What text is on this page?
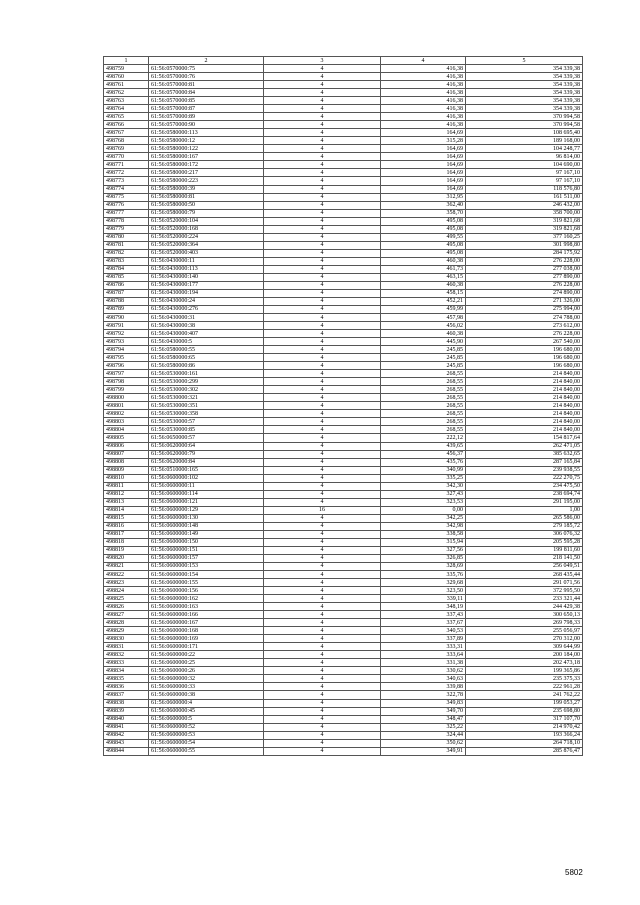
1	2	3	4	5
498759	61:56:0570000:75	4	416,38	354 339,38
498760	61:56:0570000:76	4	416,38	354 339,38
498761	61:56:0570000:81	4	416,38	354 339,38
498762	61:56:0570000:84	4	416,38	354 339,38
498763	61:56:0570000:85	4	416,38	354 339,38
498764	61:56:0570000:87	4	416,38	354 339,38
498765	61:56:0570000:89	4	416,38	370 994,58
498766	61:56:0570000:90	4	416,38	370 994,58
498767	61:56:0580000:113	4	164,69	108 695,40
498768	61:56:0580000:12	4	315,28	189 168,00
498769	61:56:0580000:122	4	164,69	104 248,77
498770	61:56:0580000:167	4	164,69	96 814,00
498771	61:56:0580000:172	4	164,69	104 690,00
498772	61:56:0580000:217	4	164,69	97 167,10
498773	61:56:0580000:223	4	164,69	97 167,10
498774	61:56:0580000:39	4	164,69	118 576,80
498775	61:56:0580000:81	4	312,95	161 511,00
498776	61:56:0580000:50	4	362,40	246 432,00
498777	61:56:0580000:79	4	358,70	358 700,00
498778	61:56:0520000:104	4	495,08	319 821,68
498779	61:56:0520000:168	4	495,08	319 821,68
498780	61:56:0520000:224	4	499,55	377 160,25
498781	61:56:0520000:364	4	495,08	301 998,80
498782	61:56:0520000:403	4	495,08	284 175,92
498783	61:56:0430000:11	4	460,38	276 228,00
498784	61:56:0430000:113	4	461,73	277 038,00
498785	61:56:0430000:140	4	463,15	277 890,00
498786	61:56:0430000:177	4	460,38	276 228,00
498787	61:56:0430000:194	4	458,15	274 890,00
498788	61:56:0430000:24	4	452,21	271 326,00
498789	61:56:0430000:276	4	459,99	275 994,00
498790	61:56:0430000:31	4	457,98	274 788,00
498791	61:56:0430000:38	4	456,02	273 612,00
498792	61:56:0430000:407	4	460,38	276 228,00
498793	61:56:0430000:5	4	445,90	267 540,00
498794	61:56:0580000:55	4	245,85	196 680,00
498795	61:56:0580000:65	4	245,85	196 680,00
498796	61:56:0580000:86	4	245,85	196 680,00
498797	61:56:0530000:161	4	268,55	214 840,00
498798	61:56:0530000:299	4	268,55	214 840,00
498799	61:56:0530000:302	4	268,55	214 840,00
498800	61:56:0530000:321	4	268,55	214 840,00
498801	61:56:0530000:351	4	268,55	214 840,00
498802	61:56:0530000:358	4	268,55	214 840,00
498803	61:56:0530000:57	4	268,55	214 840,00
498804	61:56:0530000:85	4	268,55	214 840,00
498805	61:56:0650000:57	4	222,12	154 817,64
498806	61:56:0620000:64	4	439,65	262 471,05
498807	61:56:0620000:79	4	456,37	385 632,65
498808	61:56:0620000:84	4	435,76	287 165,84
498809	61:56:0510000:165	4	340,99	239 938,55
498810	61:56:0600000:102	4	335,25	222 270,75
498811	61:56:0600000:11	4	342,30	234 475,50
498812	61:56:0600000:114	4	327,43	238 694,74
498813	61:56:0600000:121	4	323,53	291 195,00
498814	61:56:0600000:129	16	0,00	1,00
498815	61:56:0600000:130	4	342,25	265 586,00
498816	61:56:0600000:148	4	342,98	279 185,72
498817	61:56:0600000:149	4	338,58	306 076,32
498818	61:56:0600000:150	4	315,94	205 595,28
498819	61:56:0600000:151	4	327,56	199 811,60
498820	61:56:0600000:157	4	326,85	218 141,50
498821	61:56:0600000:153	4	328,69	256 049,51
498822	61:56:0600000:154	4	335,76	268 435,44
498823	61:56:0600000:155	4	329,68	291 071,56
498824	61:56:0600000:156	4	323,50	372 995,50
498825	61:56:0600000:162	4	339,11	233 321,44
498826	61:56:0600000:163	4	348,19	244 429,38
498827	61:56:0600000:166	4	337,43	300 650,13
498828	61:56:0600000:167	4	337,67	269 798,33
498829	61:56:0600000:168	4	340,53	255 056,97
498830	61:56:0600000:169	4	337,89	270 312,00
498831	61:56:0600000:171	4	333,31	309 644,99
498832	61:56:0600000:22	4	333,64	200 184,00
498833	61:56:0600000:25	4	331,38	202 473,18
498834	61:56:0600000:26	4	330,62	199 365,86
498835	61:56:0600000:32	4	340,63	235 375,33
498836	61:56:0600000:33	4	339,88	222 961,28
498837	61:56:0600000:38	4	322,78	241 762,22
498838	61:56:0600000:4	4	349,83	199 053,27
498839	61:56:0600000:45	4	349,70	235 698,80
498840	61:56:0600000:5	4	348,47	317 107,70
498841	61:56:0600000:52	4	325,22	214 970,42
498842	61:56:0600000:53	4	324,44	193 366,24
498843	61:56:0600000:54	4	350,62	264 718,10
498844	61:56:0600000:55	4	349,91	285 876,47
5802
